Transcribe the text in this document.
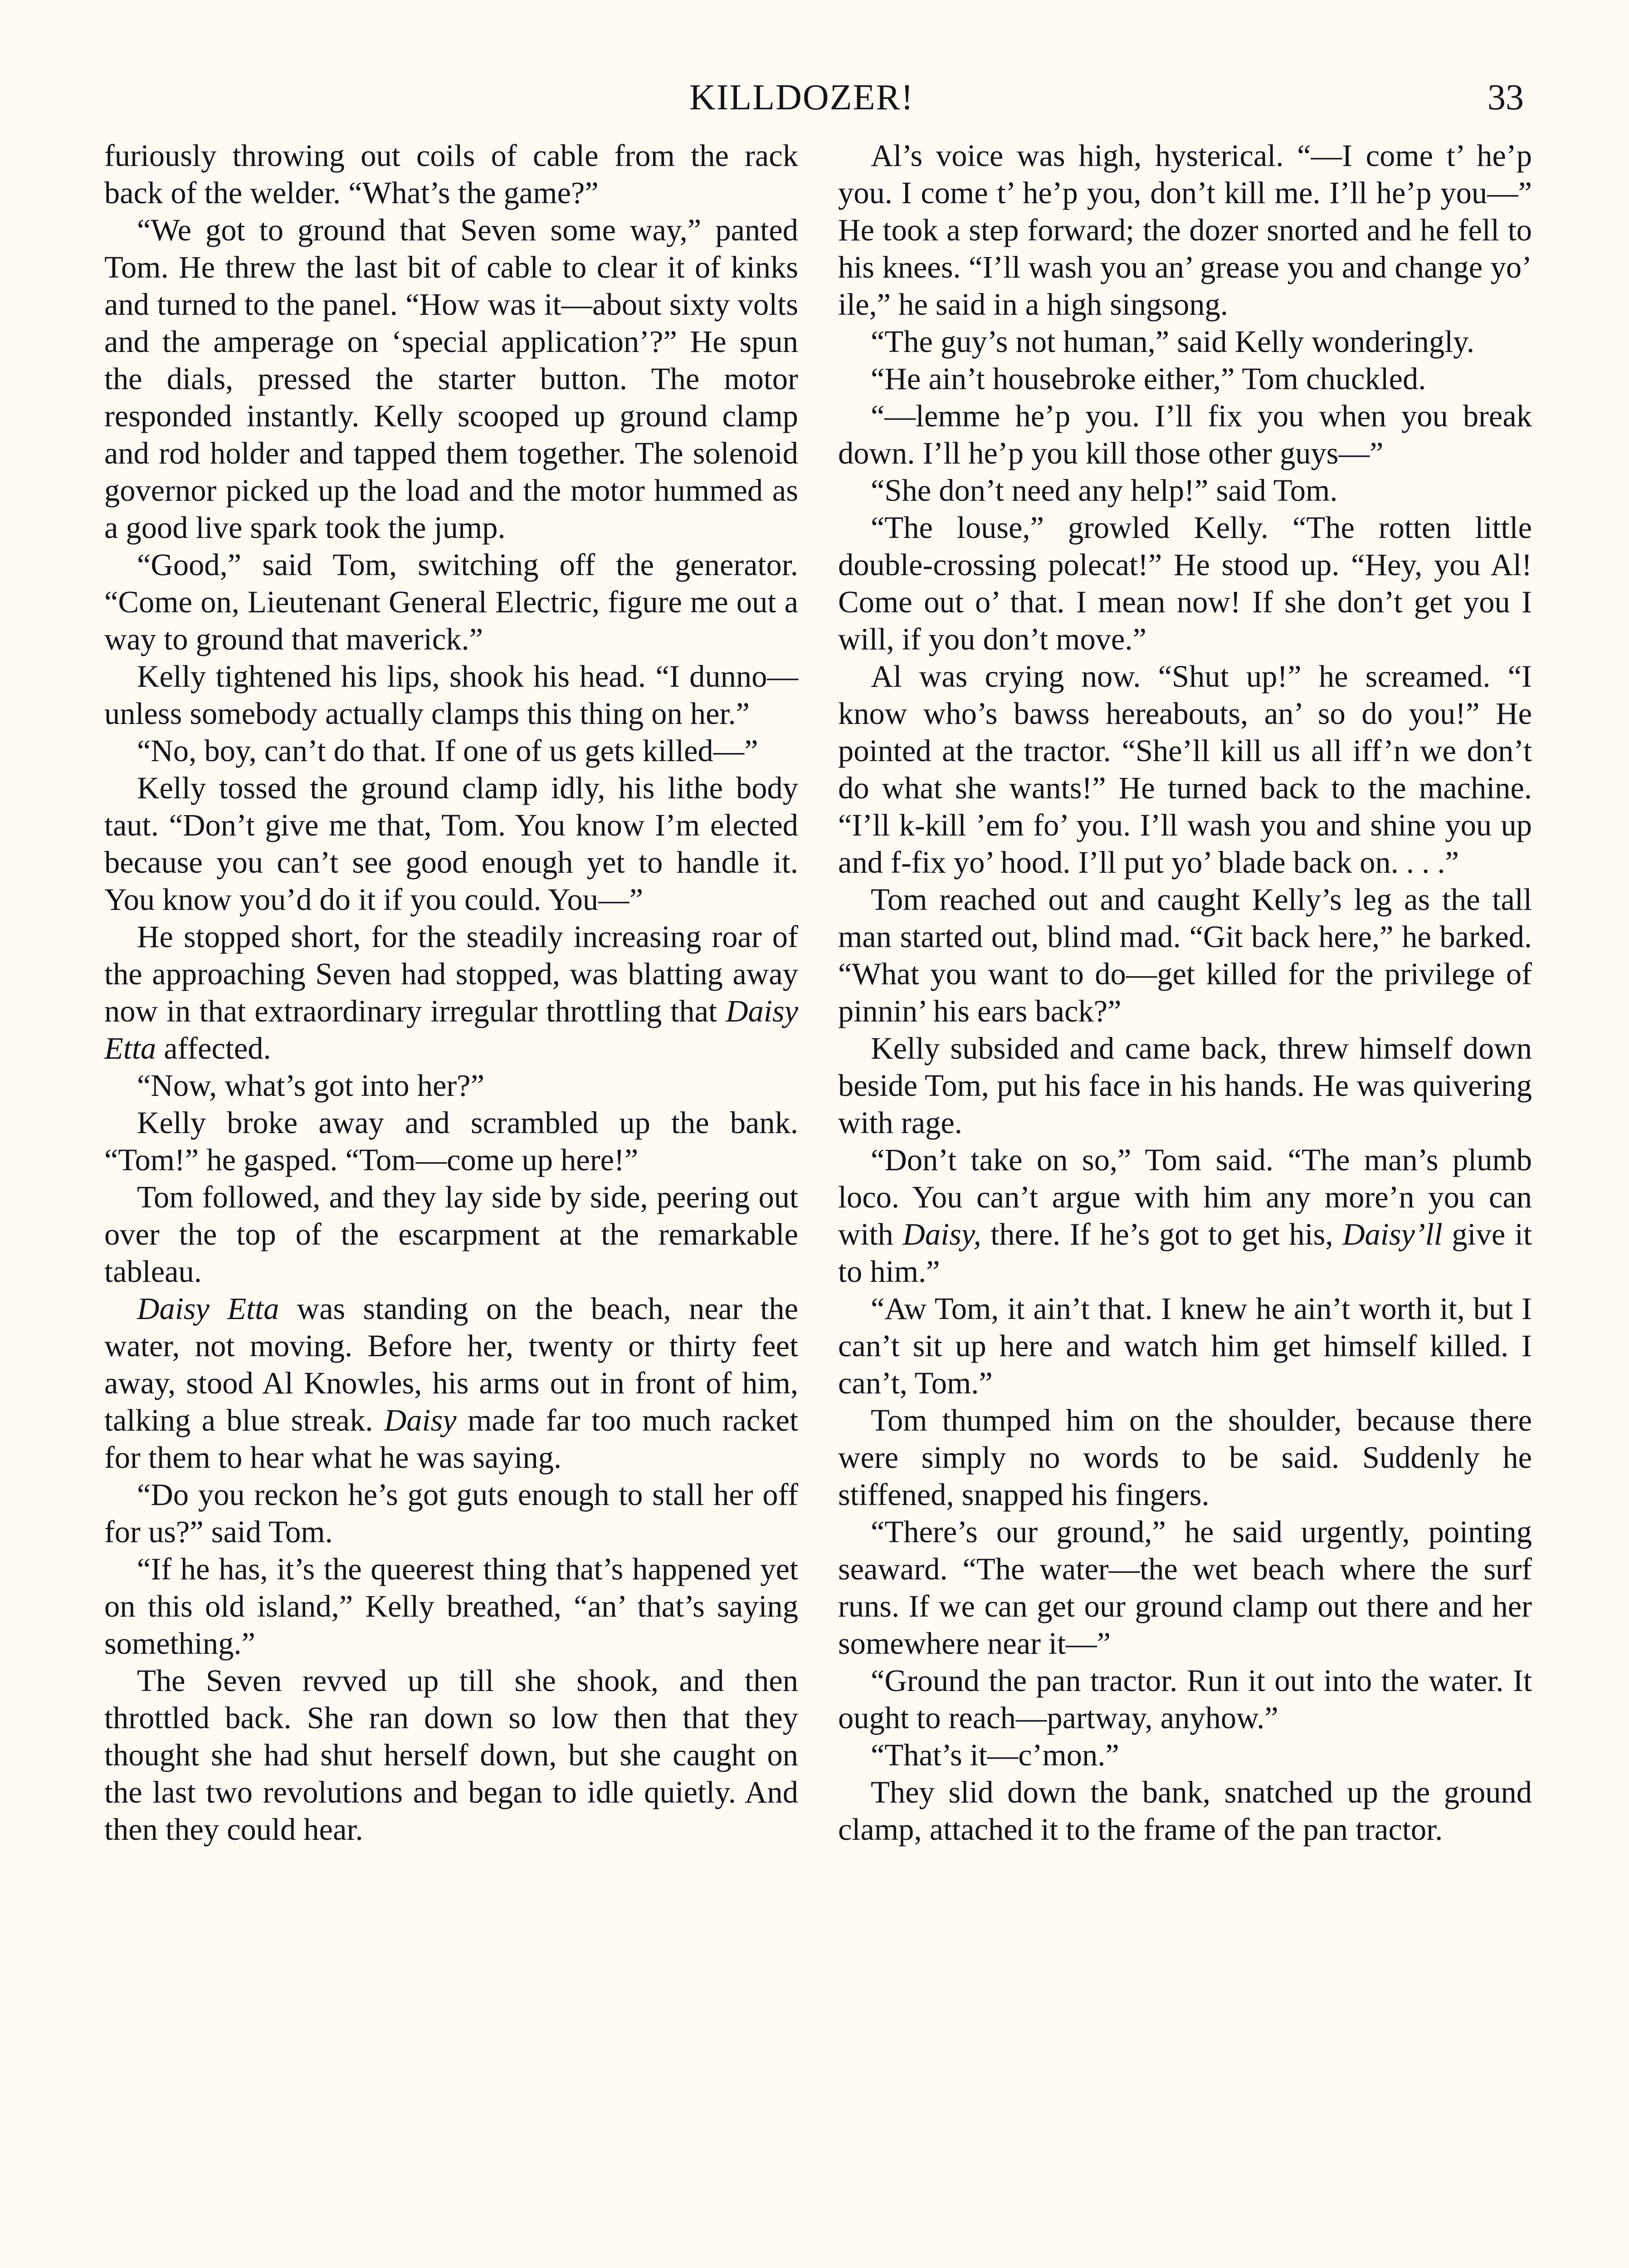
KILLDOZER!	33

furiously throwing out coils of cable from the rack back of the welder. “What’s the game?”

“We got to ground that Seven some way,” panted Tom. He threw the last bit of cable to clear it of kinks and turned to the panel. “How was it—about sixty volts and the amperage on ‘special application’?” He spun the dials, pressed the starter button. The motor responded instantly. Kelly scooped up ground clamp and rod holder and tapped them together. The solenoid governor picked up the load and the motor hummed as a good live spark took the jump.

“Good,” said Tom, switching off the generator. “Come on, Lieutenant General Electric, figure me out a way to ground that maverick.”

Kelly tightened his lips, shook his head. “I dunno—unless somebody actually clamps this thing on her.”

“No, boy, can’t do that. If one of us gets killed—”

Kelly tossed the ground clamp idly, his lithe body taut. “Don’t give me that, Tom. You know I’m elected because you can’t see good enough yet to handle it. You know you’d do it if you could. You—”

He stopped short, for the steadily increasing roar of the approaching Seven had stopped, was blatting away now in that extraordinary irregular throttling that Daisy Etta affected.

“Now, what’s got into her?”

Kelly broke away and scrambled up the bank. “Tom!” he gasped. “Tom—come up here!”

Tom followed, and they lay side by side, peering out over the top of the escarpment at the remarkable tableau.

Daisy Etta was standing on the beach, near the water, not moving. Before her, twenty or thirty feet away, stood Al Knowles, his arms out in front of him, talking a blue streak. Daisy made far too much racket for them to hear what he was saying.

“Do you reckon he’s got guts enough to stall her off for us?” said Tom.

“If he has, it’s the queerest thing that’s happened yet on this old island,” Kelly breathed, “an’ that’s saying something.”

The Seven revved up till she shook, and then throttled back. She ran down so low then that they thought she had shut herself down, but she caught on the last two revolutions and began to idle quietly. And then they could hear.

Al’s voice was high, hysterical. “—I come t’ he’p you. I come t’ he’p you, don’t kill me. I’ll he’p you—” He took a step forward; the dozer snorted and he fell to his knees. “I’ll wash you an’ grease you and change yo’ ile,” he said in a high singsong.

“The guy’s not human,” said Kelly wonderingly.

“He ain’t housebroke either,” Tom chuckled.

“—lemme he’p you. I’ll fix you when you break down. I’ll he’p you kill those other guys—”

“She don’t need any help!” said Tom.

“The louse,” growled Kelly. “The rotten little double-crossing polecat!” He stood up. “Hey, you Al! Come out o’ that. I mean now! If she don’t get you I will, if you don’t move.”

Al was crying now. “Shut up!” he screamed. “I know who’s bawss hereabouts, an’ so do you!” He pointed at the tractor. “She’ll kill us all iff’n we don’t do what she wants!” He turned back to the machine. “I’ll k-kill ’em fo’ you. I’ll wash you and shine you up and f-fix yo’ hood. I’ll put yo’ blade back on. . . .”

Tom reached out and caught Kelly’s leg as the tall man started out, blind mad. “Git back here,” he barked. “What you want to do—get killed for the privilege of pinnin’ his ears back?”

Kelly subsided and came back, threw himself down beside Tom, put his face in his hands. He was quivering with rage.

“Don’t take on so,” Tom said. “The man’s plumb loco. You can’t argue with him any more’n you can with Daisy, there. If he’s got to get his, Daisy’ll give it to him.”

“Aw Tom, it ain’t that. I knew he ain’t worth it, but I can’t sit up here and watch him get himself killed. I can’t, Tom.”

Tom thumped him on the shoulder, because there were simply no words to be said. Suddenly he stiffened, snapped his fingers.

“There’s our ground,” he said urgently, pointing seaward. “The water—the wet beach where the surf runs. If we can get our ground clamp out there and her somewhere near it—”

“Ground the pan tractor. Run it out into the water. It ought to reach—partway, anyhow.”

“That’s it—c’mon.”

They slid down the bank, snatched up the ground clamp, attached it to the frame of the pan tractor.
